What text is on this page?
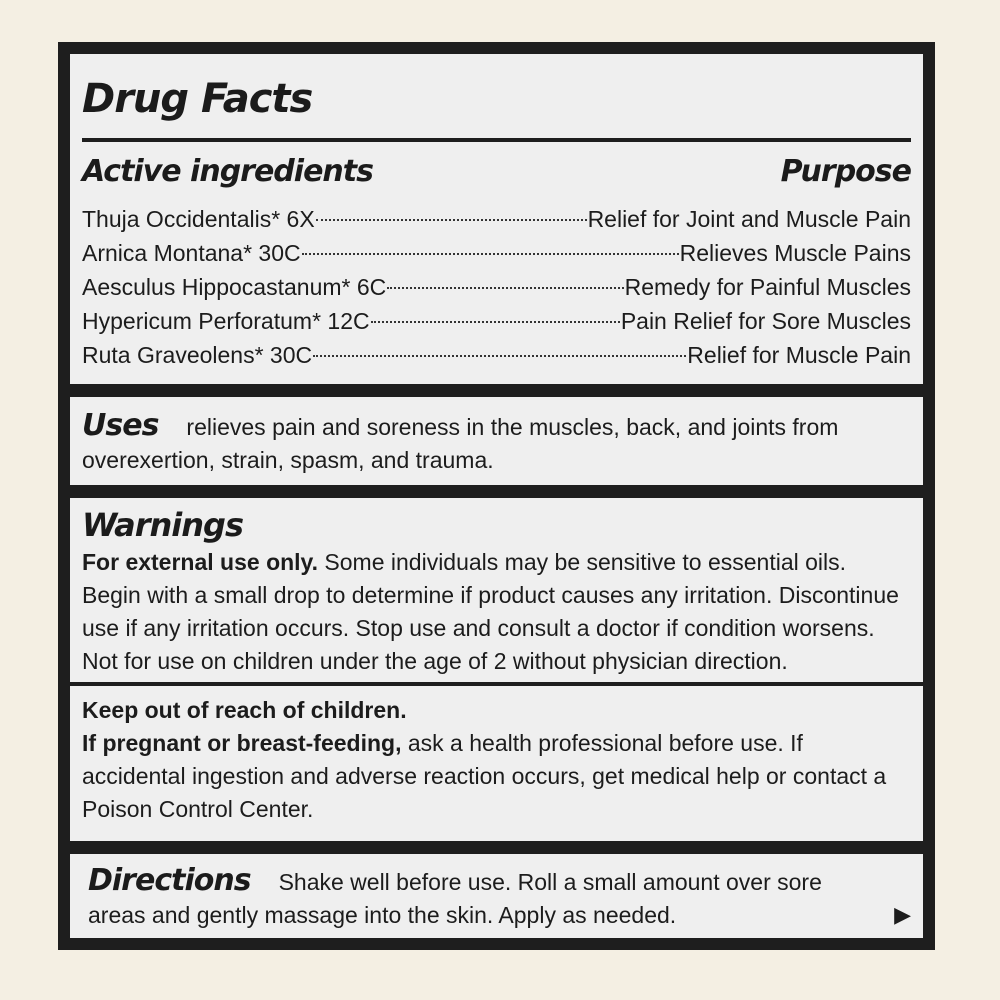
Drug Facts
Active ingredients	Purpose
Thuja Occidentalis* 6X	Relief for Joint and Muscle Pain
Arnica Montana* 30C	Relieves Muscle Pains
Aesculus Hippocastanum* 6C	Remedy for Painful Muscles
Hypericum Perforatum* 12C	Pain Relief for Sore Muscles
Ruta Graveolens* 30C	Relief for Muscle Pain
Uses relieves pain and soreness in the muscles, back, and joints from overexertion, strain, spasm, and trauma.
Warnings
For external use only. Some individuals may be sensitive to essential oils. Begin with a small drop to determine if product causes any irritation. Discontinue use if any irritation occurs. Stop use and consult a doctor if condition worsens. Not for use on children under the age of 2 without physician direction.
Keep out of reach of children.
If pregnant or breast-feeding, ask a health professional before use. If accidental ingestion and adverse reaction occurs, get medical help or contact a Poison Control Center.
Directions Shake well before use. Roll a small amount over sore areas and gently massage into the skin. Apply as needed.	▶
